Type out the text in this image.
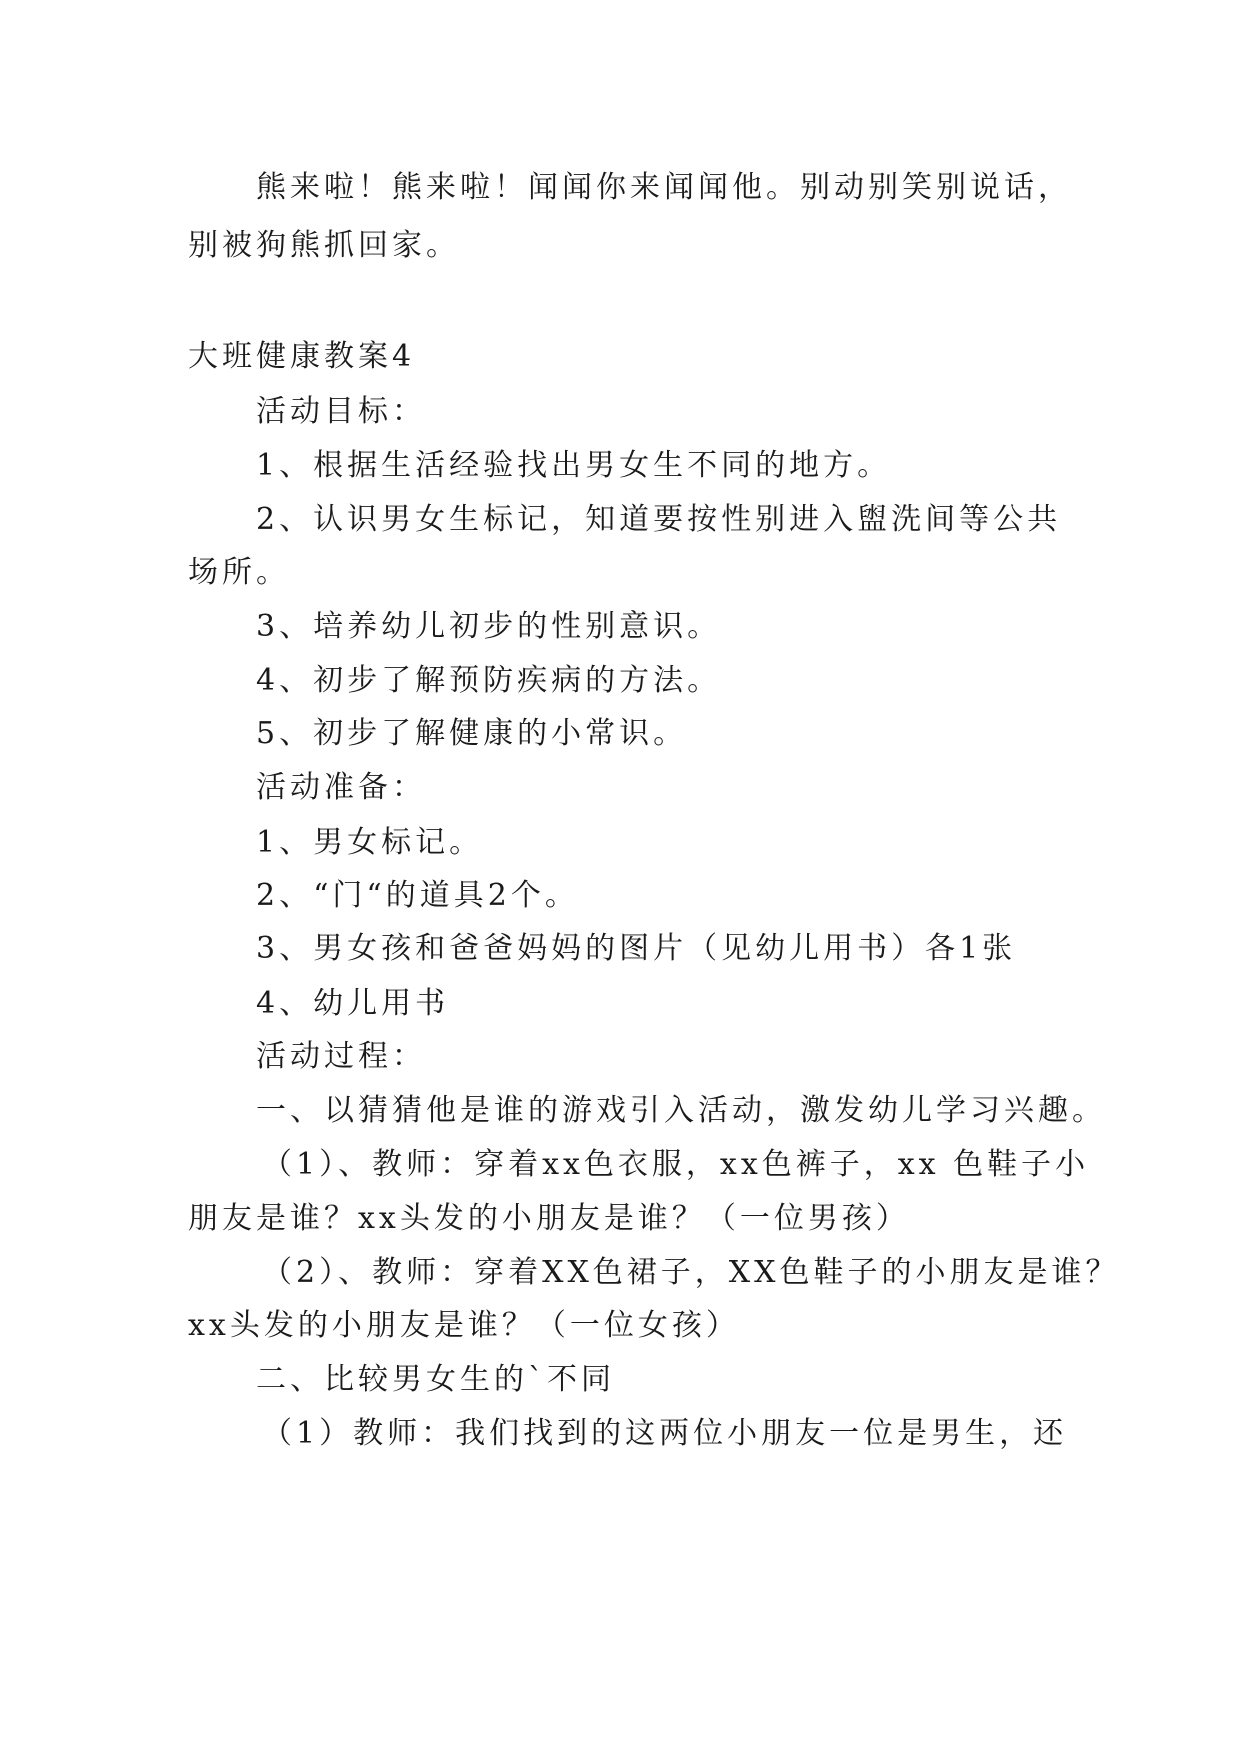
熊来啦！熊来啦！闻闻你来闻闻他。别动别笑别说话，
别被狗熊抓回家。
大班健康教案4
活动目标：
1、根据生活经验找出男女生不同的地方。
2、认识男女生标记，知道要按性别进入盥洗间等公共
场所。
3、培养幼儿初步的性别意识。
4、初步了解预防疾病的方法。
5、初步了解健康的小常识。
活动准备：
1、男女标记。
2、“门“的道具2个。
3、男女孩和爸爸妈妈的图片（见幼儿用书）各1张
4、幼儿用书
活动过程：
一、以猜猜他是谁的游戏引入活动，激发幼儿学习兴趣。
（1）、教师：穿着xx色衣服，xx色裤子，xx 色鞋子小
朋友是谁？xx头发的小朋友是谁？（一位男孩）
（2）、教师：穿着XX色裙子，XX色鞋子的小朋友是谁？
xx头发的小朋友是谁？（一位女孩）
二、比较男女生的`不同
（1）教师：我们找到的这两位小朋友一位是男生，还
